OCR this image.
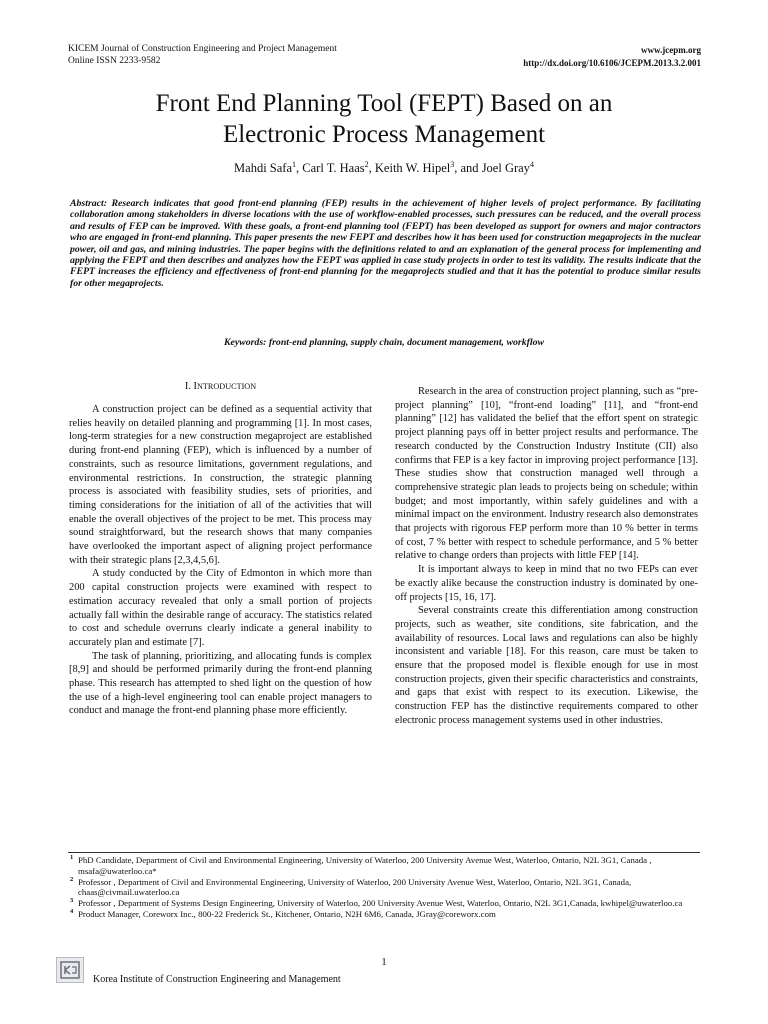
KICEM Journal of Construction Engineering and Project Management
Online ISSN 2233-9582
www.jcepm.org
http://dx.doi.org/10.6106/JCEPM.2013.3.2.001
Front End Planning Tool (FEPT) Based on an
Electronic Process Management
Mahdi Safa$^1$, Carl T. Haas$^2$, Keith W. Hipel$^3$, and Joel Gray$^4$
Abstract: Research indicates that good front-end planning (FEP) results in the achievement of higher levels of project performance. By facilitating collaboration among stakeholders in diverse locations with the use of workflow-enabled processes, such pressures can be reduced, and the overall process and results of FEP can be improved. With these goals, a front-end planning tool (FEPT) has been developed as support for owners and major contractors who are engaged in front-end planning. This paper presents the new FEPT and describes how it has been used for construction megaprojects in the nuclear power, oil and gas, and mining industries. The paper begins with the definitions related to and an explanation of the general process for implementing and applying the FEPT and then describes and analyzes how the FEPT was applied in case study projects in order to test its validity. The results indicate that the FEPT increases the efficiency and effectiveness of front-end planning for the megaprojects studied and that it has the potential to produce similar results for other megaprojects.
Keywords: front-end planning, supply chain, document management, workflow
I. INTRODUCTION

A construction project can be defined as a sequential activity that relies heavily on detailed planning and programming [1]. In most cases, long-term strategies for a new construction megaproject are established during front-end planning (FEP), which is influenced by a number of constraints, such as resource limitations, government regulations, and environmental restrictions. In construction, the strategic planning process is associated with feasibility studies, sets of priorities, and timing considerations for the initiation of all of the activities that will enable the overall objectives of the project to be met. This process may sound straightforward, but the research shows that many companies have overlooked the important aspect of aligning project performance with their strategic plans [2,3,4,5,6].

A study conducted by the City of Edmonton in which more than 200 capital construction projects were examined with respect to estimation accuracy revealed that only a small portion of projects actually fall within the desirable range of accuracy. The statistics related to cost and schedule overruns clearly indicate a general inability to accurately plan and estimate [7].

The task of planning, prioritizing, and allocating funds is complex [8,9] and should be performed primarily during the front-end planning phase. This research has attempted to shed light on the question of how the use of a high-level engineering tool can enable project managers to conduct and manage the front-end planning phase more efficiently.

Research in the area of construction project planning, such as “pre-project planning” [10], “front-end loading” [11], and “front-end planning” [12] has validated the belief that the effort spent on strategic project planning pays off in better project results and performance. The research conducted by the Construction Industry Institute (CII) also confirms that FEP is a key factor in improving project performance [13]. These studies show that construction managed well through a comprehensive strategic plan leads to projects being on schedule; within budget; and most importantly, within safely guidelines and with a minimal impact on the environment. Industry research also demonstrates that projects with rigorous FEP perform more than 10 % better in terms of cost, 7 % better with respect to schedule performance, and 5 % better relative to change orders than projects with little FEP [14].

It is important always to keep in mind that no two FEPs can ever be exactly alike because the construction industry is dominated by one-off projects [15, 16, 17].

Several constraints create this differentiation among construction projects, such as weather, site conditions, site fabrication, and the availability of resources. Local laws and regulations can also be highly inconsistent and variable [18]. For this reason, care must be taken to ensure that the proposed model is flexible enough for use in most construction projects, given their specific characteristics and constraints, and gaps that exist with respect to its execution. Likewise, the construction FEP has the distinctive requirements compared to other electronic process management systems used in other industries.

1 PhD Candidate, Department of Civil and Environmental Engineering, University of Waterloo, 200 University Avenue West, Waterloo, Ontario, N2L 3G1, Canada , msafa@uwaterloo.ca*
2 Professor , Department of Civil and Environmental Engineering, University of Waterloo, 200 University Avenue West, Waterloo, Ontario, N2L 3G1, Canada, chaas@civmail.uwaterloo.ca
3 Professor , Department of Systems Design Engineering, University of Waterloo, 200 University Avenue West, Waterloo, Ontario, N2L 3G1,Canada, kwhipel@uwaterloo.ca
4 Product Manager, Coreworx Inc., 800-22 Frederick St., Kitchener, Ontario, N2H 6M6, Canada, JGray@coreworx.com
1
Korea Institute of Construction Engineering and Management
